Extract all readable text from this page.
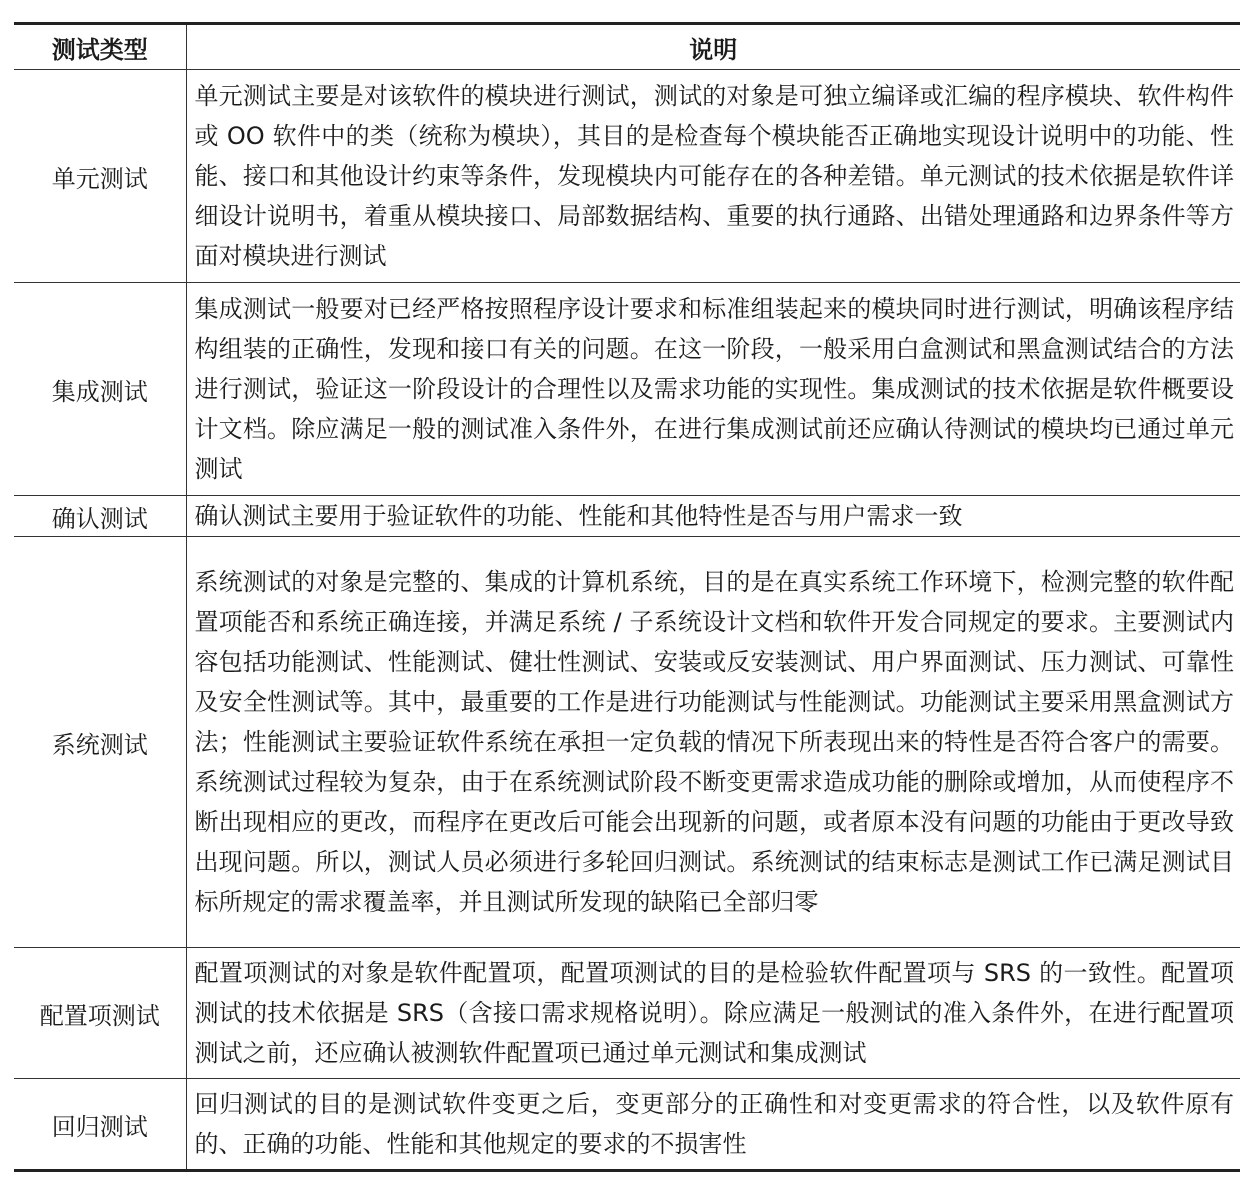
测试类型	说明
单元测试	单元测试主要是对该软件的模块进行测试，测试的对象是可独立编译或汇编的程序模块、软件构件或 OO 软件中的类（统称为模块），其目的是检查每个模块能否正确地实现设计说明中的功能、性能、接口和其他设计约束等条件，发现模块内可能存在的各种差错。单元测试的技术依据是软件详细设计说明书，着重从模块接口、局部数据结构、重要的执行通路、出错处理通路和边界条件等方面对模块进行测试
集成测试	集成测试一般要对已经严格按照程序设计要求和标准组装起来的模块同时进行测试，明确该程序结构组装的正确性，发现和接口有关的问题。在这一阶段，一般采用白盒测试和黑盒测试结合的方法进行测试，验证这一阶段设计的合理性以及需求功能的实现性。集成测试的技术依据是软件概要设计文档。除应满足一般的测试准入条件外，在进行集成测试前还应确认待测试的模块均已通过单元测试
确认测试	确认测试主要用于验证软件的功能、性能和其他特性是否与用户需求一致
系统测试	系统测试的对象是完整的、集成的计算机系统，目的是在真实系统工作环境下，检测完整的软件配置项能否和系统正确连接，并满足系统 / 子系统设计文档和软件开发合同规定的要求。主要测试内容包括功能测试、性能测试、健壮性测试、安装或反安装测试、用户界面测试、压力测试、可靠性及安全性测试等。其中，最重要的工作是进行功能测试与性能测试。功能测试主要采用黑盒测试方法；性能测试主要验证软件系统在承担一定负载的情况下所表现出来的特性是否符合客户的需要。系统测试过程较为复杂，由于在系统测试阶段不断变更需求造成功能的删除或增加，从而使程序不断出现相应的更改，而程序在更改后可能会出现新的问题，或者原本没有问题的功能由于更改导致出现问题。所以，测试人员必须进行多轮回归测试。系统测试的结束标志是测试工作已满足测试目标所规定的需求覆盖率，并且测试所发现的缺陷已全部归零
配置项测试	配置项测试的对象是软件配置项，配置项测试的目的是检验软件配置项与 SRS 的一致性。配置项测试的技术依据是 SRS（含接口需求规格说明）。除应满足一般测试的准入条件外，在进行配置项测试之前，还应确认被测软件配置项已通过单元测试和集成测试
回归测试	回归测试的目的是测试软件变更之后，变更部分的正确性和对变更需求的符合性，以及软件原有的、正确的功能、性能和其他规定的要求的不损害性
